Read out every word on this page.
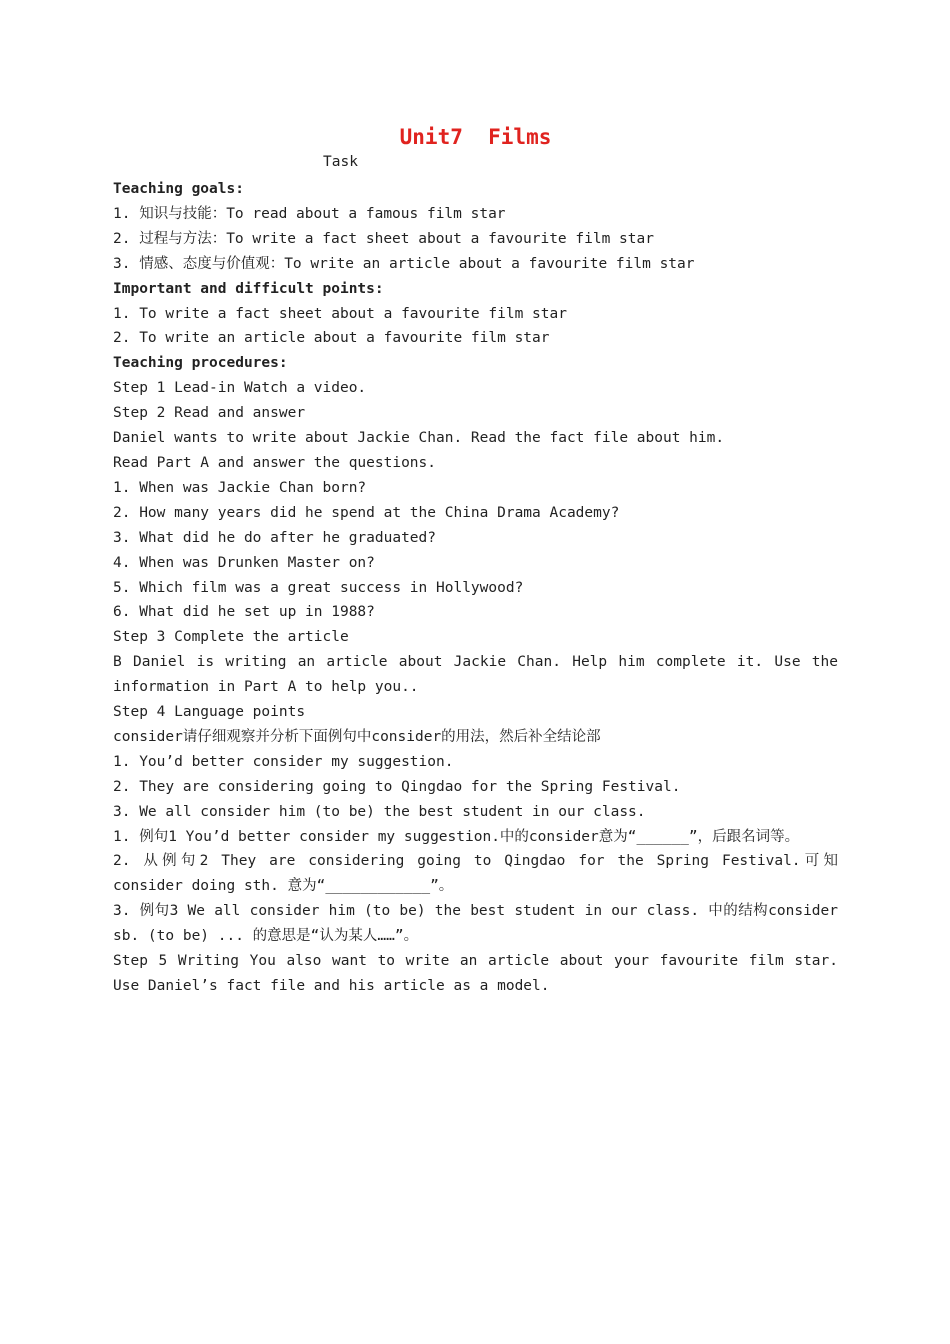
Unit7  Films
Task
Teaching goals:
1. 知识与技能：To read about a famous film star
2. 过程与方法：To write a fact sheet about a favourite film star
3. 情感、态度与价值观：To write an article about a favourite film star
Important and difficult points:
1. To write a fact sheet about a favourite film star
2. To write an article about a favourite film star
Teaching procedures:
Step 1 Lead-in Watch a video.
Step 2 Read and answer
Daniel wants to write about Jackie Chan. Read the fact file about him.
Read Part A and answer the questions.
1. When was Jackie Chan born?
2. How many years did he spend at the China Drama Academy?
3. What did he do after he graduated?
4. When was Drunken Master on?
5. Which film was a great success in Hollywood?
6. What did he set up in 1988?
Step 3 Complete the article
B Daniel is writing an article about Jackie Chan. Help him complete it. Use the information in Part A to help you..
Step 4 Language points
consider请仔细观察并分析下面例句中consider的用法，然后补全结论部
1. You’d better consider my suggestion.
2. They are considering going to Qingdao for the Spring Festival.
3. We all consider him (to be) the best student in our class.
1. 例句1 You’d better consider my suggestion.中的consider意为“______”，后跟名词等。
2. 从例句2 They are considering going to Qingdao for the Spring Festival.可知consider doing sth. 意为“____________”。
3. 例句3 We all consider him (to be) the best student in our class. 中的结构consider sb. (to be) ... 的意思是“认为某人……”。
Step 5 Writing You also want to write an article about your favourite film star. Use Daniel’s fact file and his article as a model.
